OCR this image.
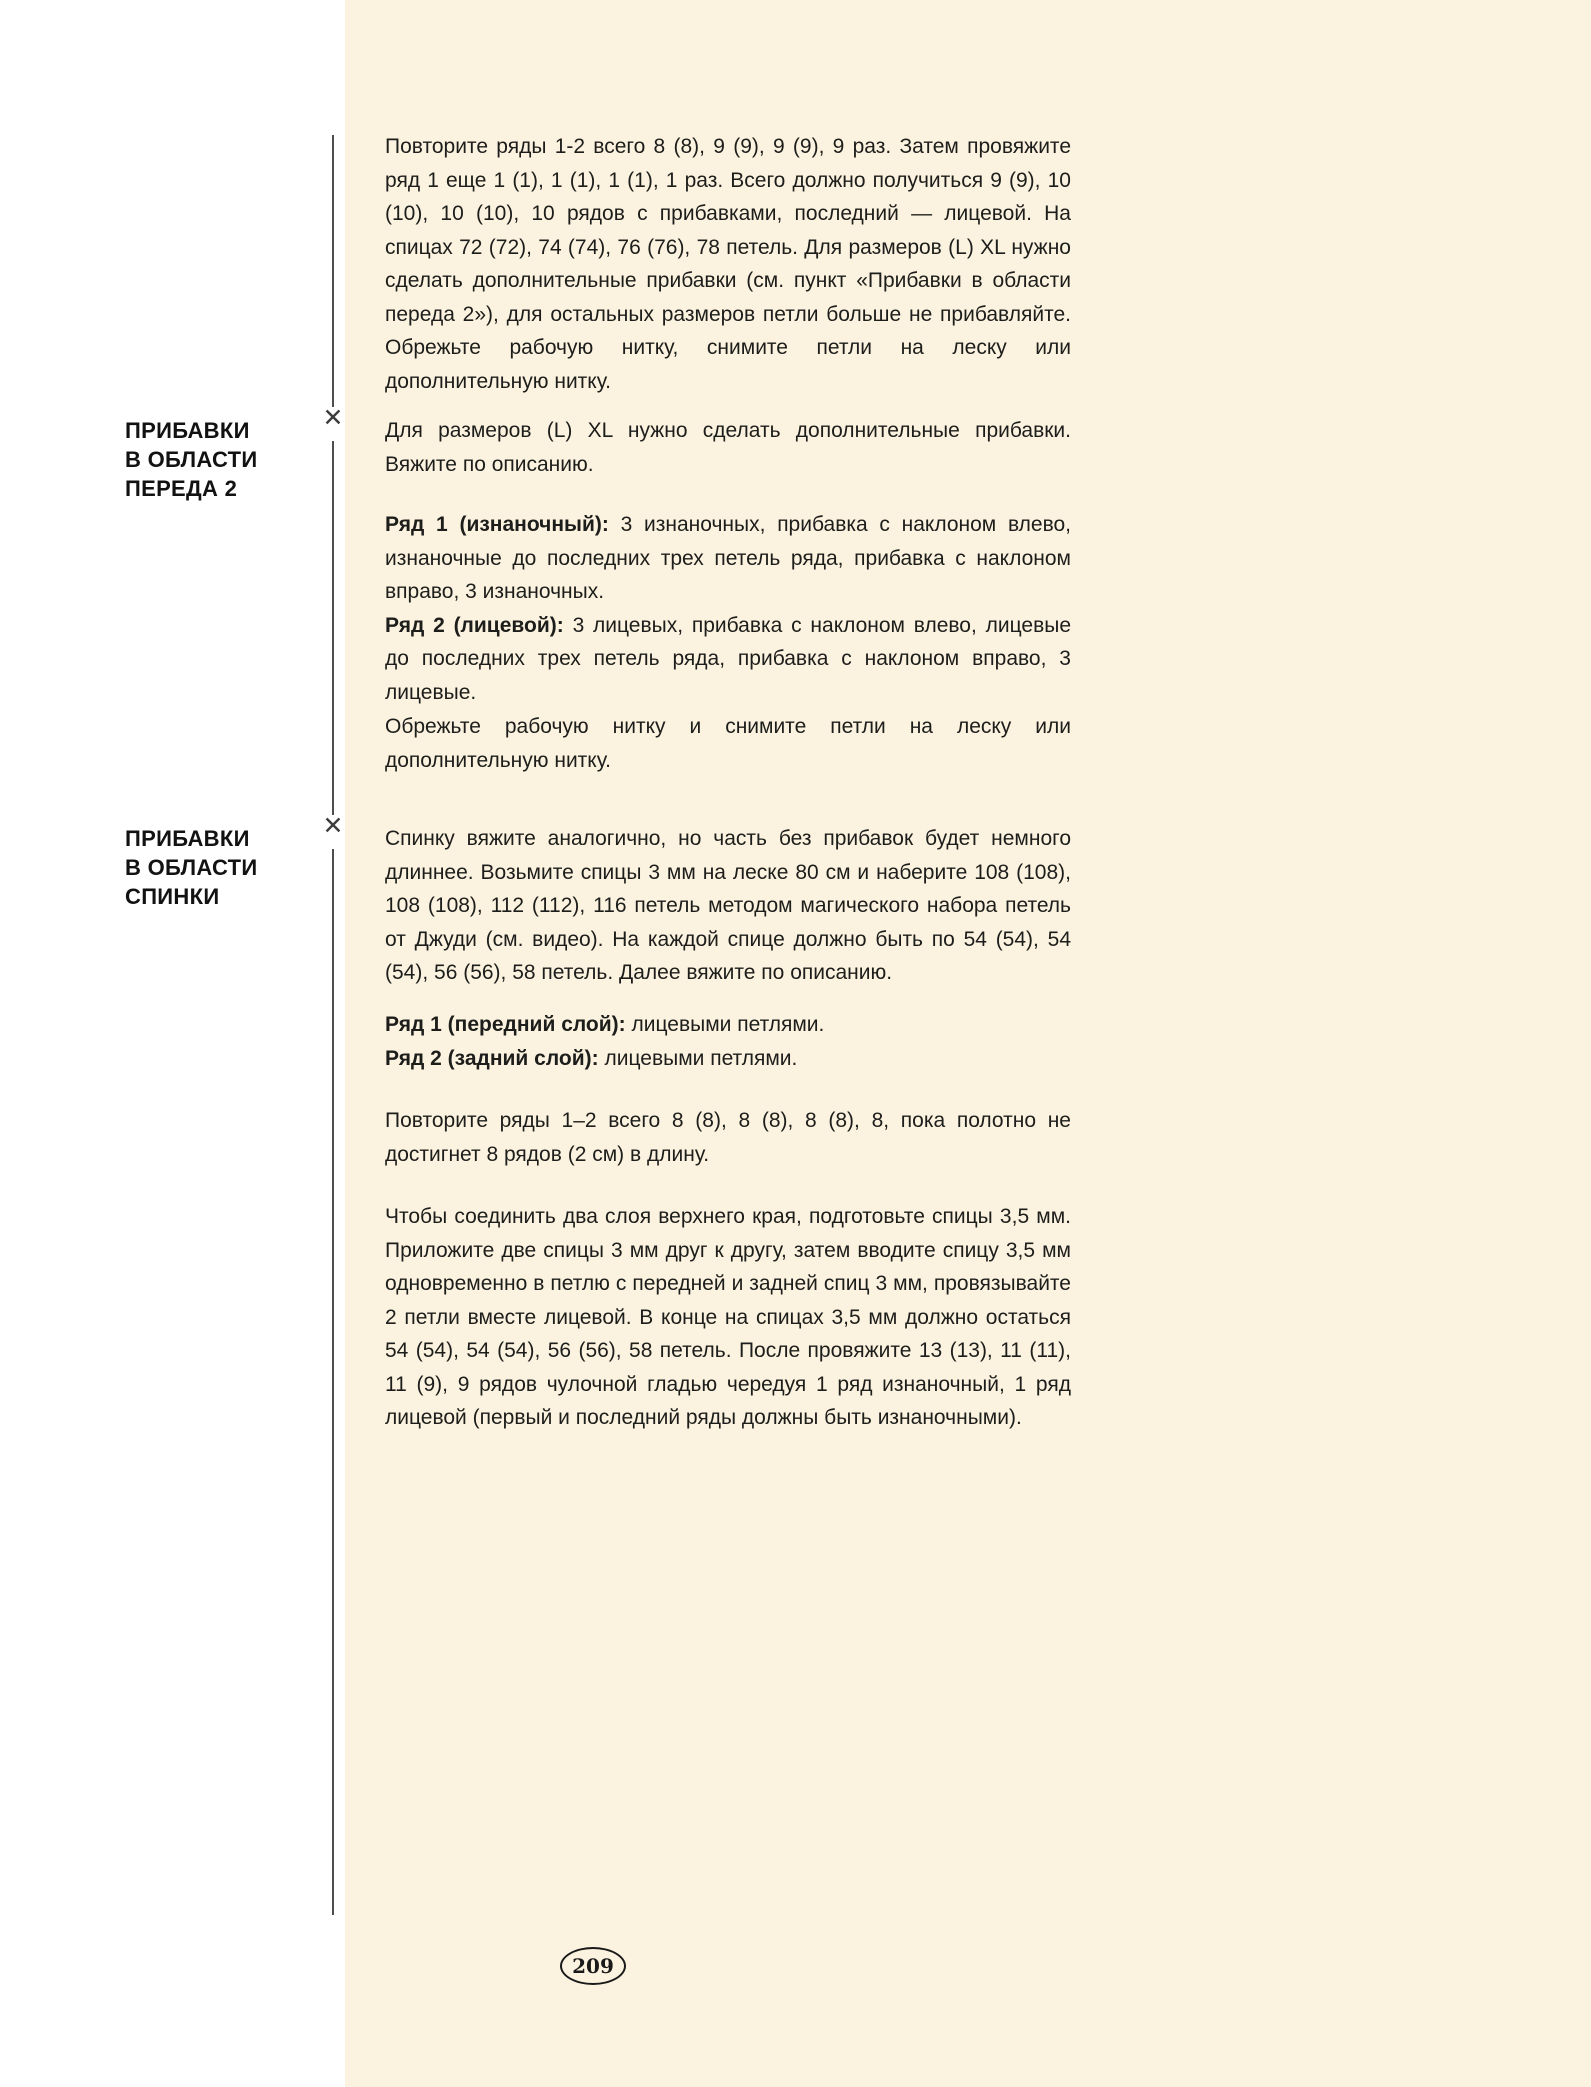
✕
✕
ПРИБАВКИ
В ОБЛАСТИ
ПЕРЕДА 2
ПРИБАВКИ
В ОБЛАСТИ
СПИНКИ

Повторите ряды 1-2 всего 8 (8), 9 (9), 9 (9), 9 раз. Затем провяжите ряд 1 еще 1 (1), 1 (1), 1 (1), 1 раз. Всего должно получиться 9 (9), 10 (10), 10 (10), 10 рядов с прибавками, последний — лицевой. На спицах 72 (72), 74 (74), 76 (76), 78 петель. Для размеров (L) XL нужно сделать дополнительные прибавки (см. пункт «Прибавки в области переда 2»), для остальных размеров петли больше не прибавляйте. Обрежьте рабочую нитку, снимите петли на леску или дополнительную нитку.

Для размеров (L) XL нужно сделать дополнительные прибавки. Вяжите по описанию.

Ряд 1 (изнаночный): 3 изнаночных, прибавка с наклоном влево, изнаночные до последних трех петель ряда, прибавка с наклоном вправо, 3 изнаночных.

Ряд 2 (лицевой): 3 лицевых, прибавка с наклоном влево, лицевые до последних трех петель ряда, прибавка с наклоном вправо, 3 лицевые.

Обрежьте рабочую нитку и снимите петли на леску или дополнительную нитку.

Спинку вяжите аналогично, но часть без прибавок будет немного длиннее. Возьмите спицы 3 мм на леске 80 см и наберите 108 (108), 108 (108), 112 (112), 116 петель методом магического набора петель от Джуди (см. видео). На каждой спице должно быть по 54 (54), 54 (54), 56 (56), 58 петель. Далее вяжите по описанию.

Ряд 1 (передний слой): лицевыми петлями.

Ряд 2 (задний слой): лицевыми петлями.

Повторите ряды 1–2 всего 8 (8), 8 (8), 8 (8), 8, пока полотно не достигнет 8 рядов (2 см) в длину.

Чтобы соединить два слоя верхнего края, подготовьте спицы 3,5 мм. Приложите две спицы 3 мм друг к другу, затем вводите спицу 3,5 мм одновременно в петлю с передней и задней спиц 3 мм, провязывайте 2 петли вместе лицевой. В конце на спицах 3,5 мм должно остаться 54 (54), 54 (54), 56 (56), 58 петель. После провяжите 13 (13), 11 (11), 11 (9), 9 рядов чулочной гладью чередуя 1 ряд изнаночный, 1 ряд лицевой (первый и последний ряды должны быть изнаночными).

209
